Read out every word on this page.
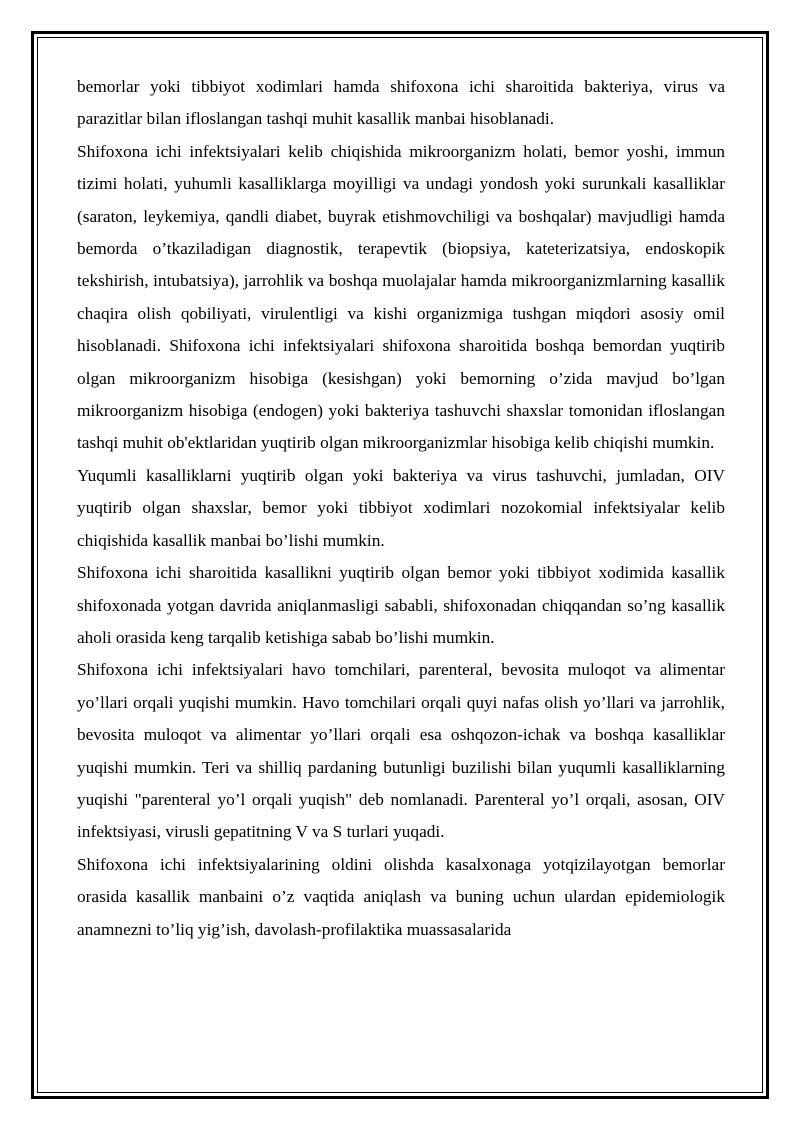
bemorlar yoki tibbiyot xodimlari hamda shifoxona ichi sharoitida bakteriya, virus va parazitlar bilan ifloslangan tashqi muhit kasallik manbai hisoblanadi.

Shifoxona ichi infektsiyalari kelib chiqishida mikroorganizm holati, bemor yoshi, immun tizimi holati, yuhumli kasalliklarga moyilligi va undagi yondosh yoki surunkali kasalliklar (saraton, leykemiya, qandli diabet, buyrak etishmovchiligi va boshqalar) mavjudligi hamda bemorda o’tkaziladigan diagnostik, terapevtik (biopsiya, kateterizatsiya, endoskopik tekshirish, intubatsiya), jarrohlik va boshqa muolajalar hamda mikroorganizmlarning kasallik chaqira olish qobiliyati, virulentligi va kishi organizmiga tushgan miqdori asosiy omil hisoblanadi. Shifoxona ichi infektsiyalari shifoxona sharoitida boshqa bemordan yuqtirib olgan mikroorganizm hisobiga (kesishgan) yoki bemorning o’zida mavjud bo’lgan mikroorganizm hisobiga (endogen) yoki bakteriya tashuvchi shaxslar tomonidan ifloslangan tashqi muhit ob'ektlaridan yuqtirib olgan mikroorganizmlar hisobiga kelib chiqishi mumkin.

Yuqumli kasalliklarni yuqtirib olgan yoki bakteriya va virus tashuvchi, jumladan, OIV yuqtirib olgan shaxslar, bemor yoki tibbiyot xodimlari nozokomial infektsiyalar kelib chiqishida kasallik manbai bo’lishi mumkin.

Shifoxona ichi sharoitida kasallikni yuqtirib olgan bemor yoki tibbiyot xodimida kasallik shifoxonada yotgan davrida aniqlanmasligi sababli, shifoxonadan chiqqandan so’ng kasallik aholi orasida keng tarqalib ketishiga sabab bo’lishi mumkin.

Shifoxona ichi infektsiyalari havo tomchilari, parenteral, bevosita muloqot va alimentar yo’llari orqali yuqishi mumkin. Havo tomchilari orqali quyi nafas olish yo’llari va jarrohlik, bevosita muloqot va alimentar yo’llari orqali esa oshqozon-ichak va boshqa kasalliklar yuqishi mumkin. Teri va shilliq pardaning butunligi buzilishi bilan yuqumli kasalliklarning yuqishi "parenteral yo’l orqali yuqish" deb nomlanadi. Parenteral yo’l orqali, asosan, OIV infektsiyasi, virusli gepatitning V va S turlari yuqadi.

Shifoxona ichi infektsiyalarining oldini olishda kasalxonaga yotqizilayotgan bemorlar orasida kasallik manbaini o’z vaqtida aniqlash va buning uchun ulardan epidemiologik anamnezni to’liq yig’ish, davolash-profilaktika muassasalarida
